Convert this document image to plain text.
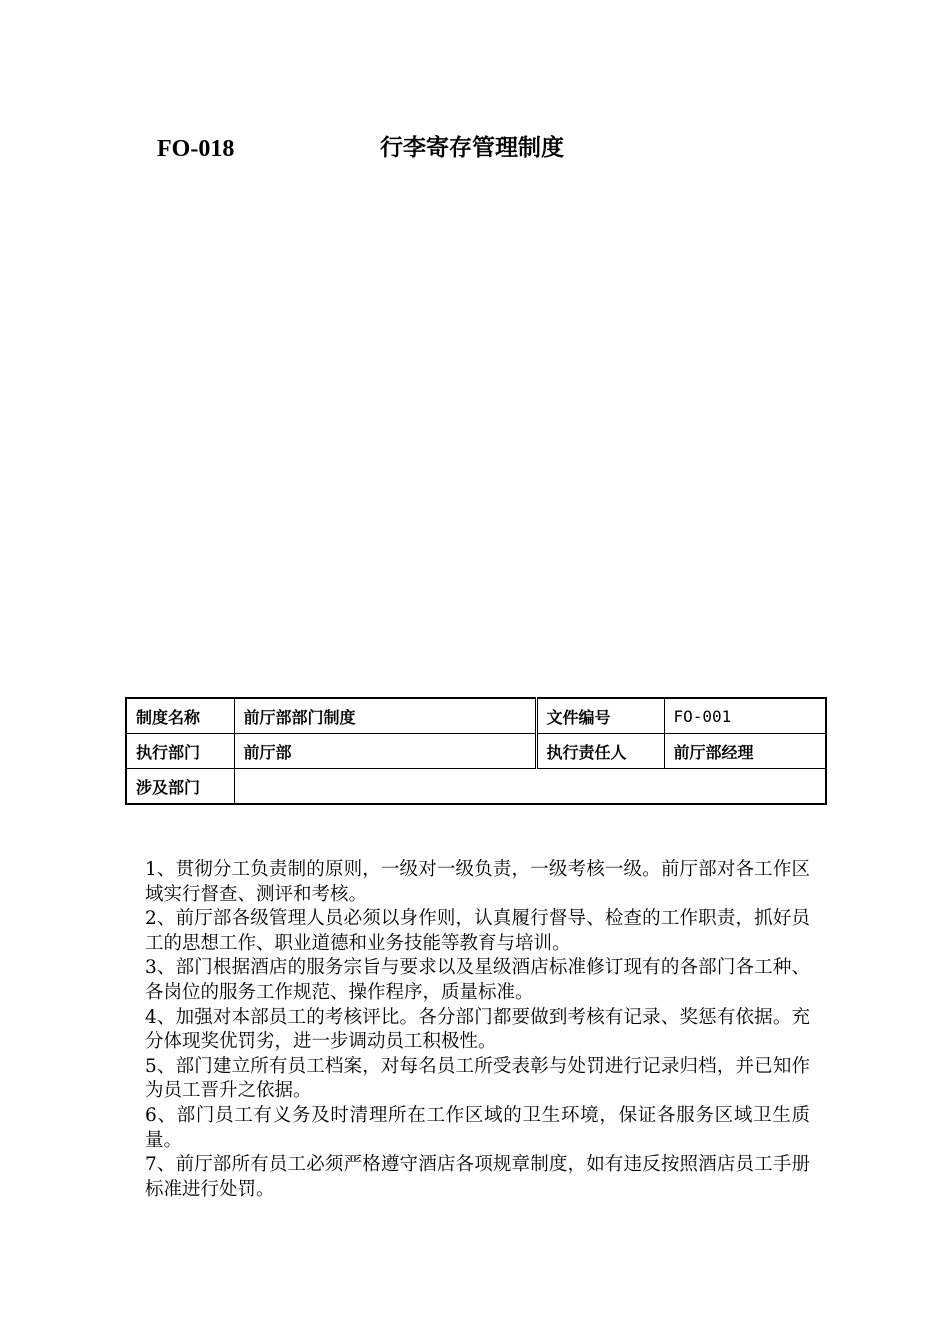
FO-018	行李寄存管理制度
制度名称	前厅部部门制度	文件编号	FO-001
执行部门	前厅部	执行责任人	前厅部经理
涉及部门			

1、贯彻分工负责制的原则，一级对一级负责，一级考核一级。前厅部对各工作区域实行督查、测评和考核。

2、前厅部各级管理人员必须以身作则，认真履行督导、检查的工作职责，抓好员工的思想工作、职业道德和业务技能等教育与培训。

3、部门根据酒店的服务宗旨与要求以及星级酒店标准修订现有的各部门各工种、各岗位的服务工作规范、操作程序，质量标准。

4、加强对本部员工的考核评比。各分部门都要做到考核有记录、奖惩有依据。充分体现奖优罚劣，进一步调动员工积极性。

5、部门建立所有员工档案，对每名员工所受表彰与处罚进行记录归档，并已知作为员工晋升之依据。

6、部门员工有义务及时清理所在工作区域的卫生环境，保证各服务区域卫生质量。

7、前厅部所有员工必须严格遵守酒店各项规章制度，如有违反按照酒店员工手册标准进行处罚。
